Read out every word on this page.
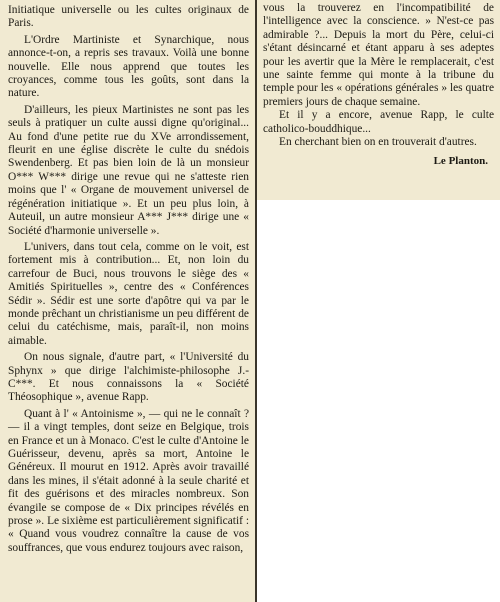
Initiatique universelle ou les cultes originaux de Paris.

L'Ordre Martiniste et Synarchique, nous annonce-t-on, a repris ses travaux. Voilà une bonne nouvelle. Elle nous apprend que toutes les croyances, comme tous les goûts, sont dans la nature.

D'ailleurs, les pieux Martinistes ne sont pas les seuls à pratiquer un culte aussi digne qu'original... Au fond d'une petite rue du XVe arrondissement, fleurit en une église discrète le culte du snédois Swendenberg. Et pas bien loin de là un monsieur O*** W*** dirige une revue qui ne s'atteste rien moins que l' « Organe de mouvement universel de régénération initiatique ». Et un peu plus loin, à Auteuil, un autre monsieur A*** J*** dirige une « Société d'harmonie universelle ».

L'univers, dans tout cela, comme on le voit, est fortement mis à contribution... Et, non loin du carrefour de Buci, nous trouvons le siège des « Amitiés Spirituelles », centre des « Conférences Sédir ». Sédir est une sorte d'apôtre qui va par le monde prêchant un christianisme un peu différent de celui du catéchisme, mais, paraît-il, non moins aimable.

On nous signale, d'autre part, « l'Université du Sphynx » que dirige l'alchimiste-philosophe J.-C***. Et nous connaissons la « Société Théosophique », avenue Rapp.

Quant à l' « Antoinisme », — qui ne le connaît ? — il a vingt temples, dont seize en Belgique, trois en France et un à Monaco. C'est le culte d'Antoine le Guérisseur, devenu, après sa mort, Antoine le Généreux. Il mourut en 1912. Après avoir travaillé dans les mines, il s'était adonné à la seule charité et fit des guérisons et des miracles nombreux. Son évangile se compose de « Dix principes révélés en prose ». Le sixième est particulièrement significatif : « Quand vous voudrez connaître la cause de vos souffrances, que vous endurez toujours avec raison,

vous la trouverez en l'incompatibilité de l'intelligence avec la conscience. » N'est-ce pas admirable ?... Depuis la mort du Père, celui-ci s'étant désincarné et étant apparu à ses adeptes pour les avertir que la Mère le remplacerait, c'est une sainte femme qui monte à la tribune du temple pour les « opérations générales » les quatre premiers jours de chaque semaine.

Et il y a encore, avenue Rapp, le culte catholico-bouddhique...

En cherchant bien on en trouverait d'autres.

Le Planton.
